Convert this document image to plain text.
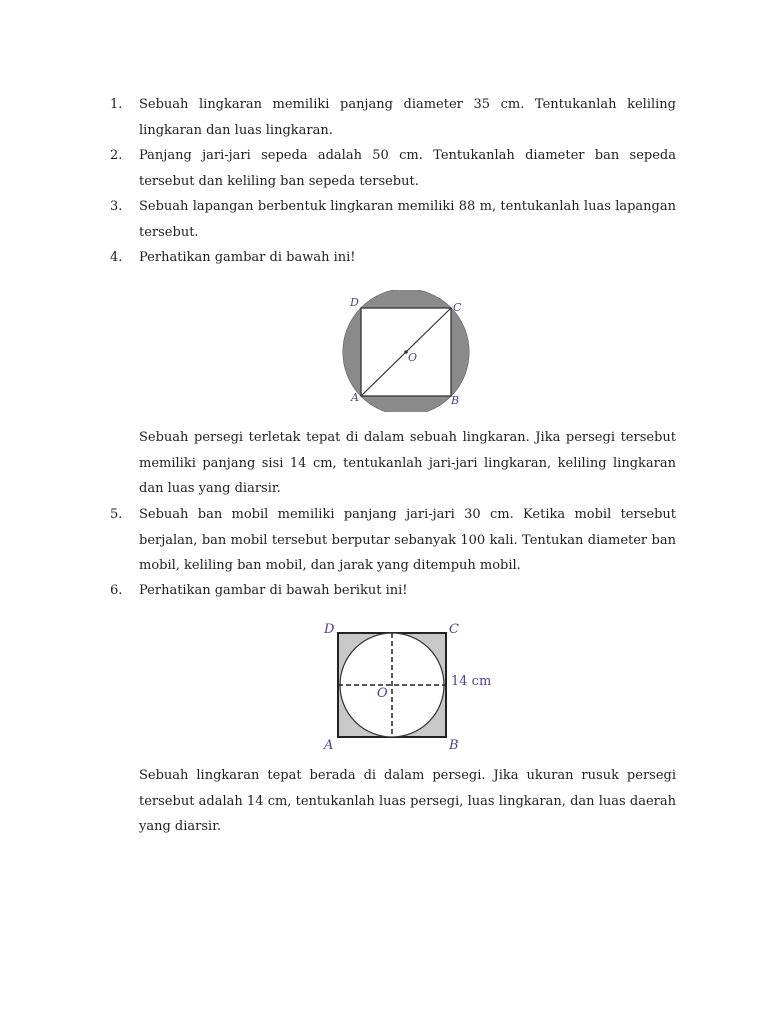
1.	Sebuah lingkaran memiliki panjang diameter 35 cm. Tentukanlah keliling lingkaran dan luas lingkaran.
2.	Panjang jari-jari sepeda adalah 50 cm. Tentukanlah diameter ban sepeda tersebut dan keliling ban sepeda tersebut.
3.	Sebuah lapangan berbentuk lingkaran memiliki 88 m, tentukanlah luas lapangan tersebut.
4.	Perhatikan gambar di bawah ini!
O
D	C
A	B
Sebuah persegi terletak tepat di dalam sebuah lingkaran. Jika persegi tersebut memiliki panjang sisi 14 cm, tentukanlah jari-jari lingkaran, keliling lingkaran dan luas yang diarsir.
5.	Sebuah ban mobil memiliki panjang jari-jari 30 cm. Ketika mobil tersebut berjalan, ban mobil tersebut berputar sebanyak 100 kali. Tentukan diameter ban mobil, keliling ban mobil, dan jarak yang ditempuh mobil.
6.	Perhatikan gambar di bawah berikut ini!
D	C
A	B
O
14 cm
Sebuah lingkaran tepat berada di dalam persegi. Jika ukuran rusuk persegi tersebut adalah 14 cm, tentukanlah luas persegi, luas lingkaran, dan luas daerah yang diarsir.
